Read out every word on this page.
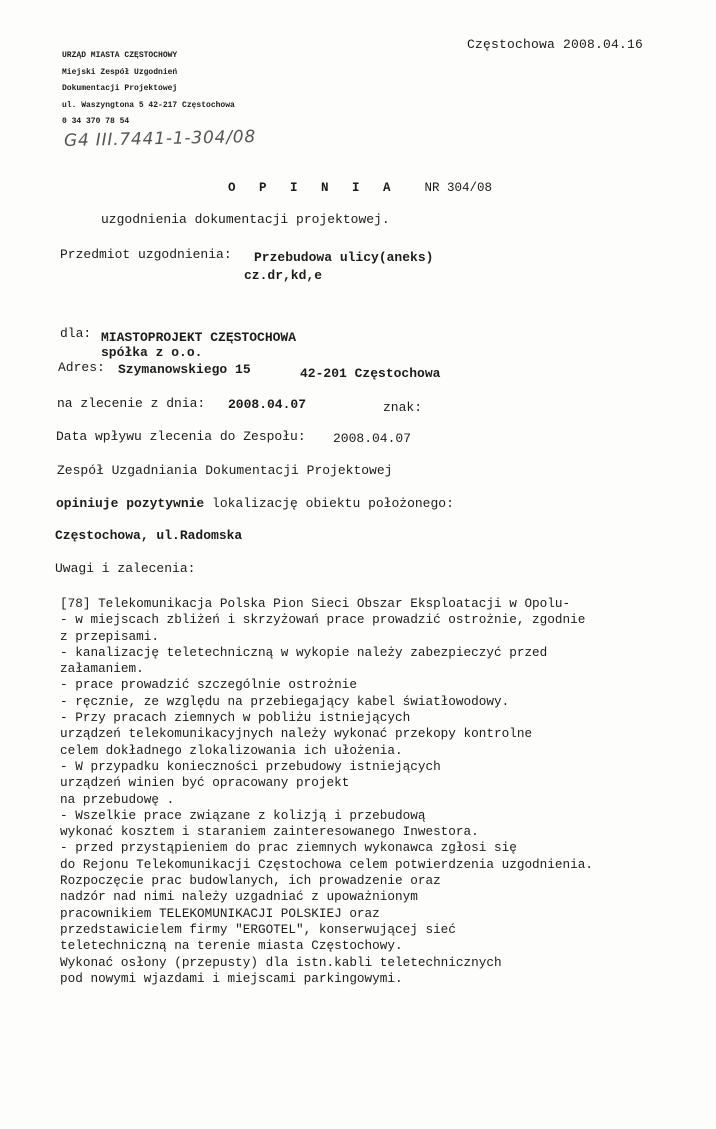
Częstochowa 2008.04.16
URZĄD MIASTA CZĘSTOCHOWY
Miejski Zespół Uzgodnień
Dokumentacji Projektowej
ul. Waszyngtona 5 42-217 Częstochowa
0 34 370 78 54
G4 III.7441-1-304/08
O P I N I A NR 304/08
uzgodnienia dokumentacji projektowej.
Przedmiot uzgodnienia: Przebudowa ulicy(aneks)
cz.dr,kd,e
dla: MIASTOPROJEKT CZĘSTOCHOWA
spółka z o.o.
Adres: Szymanowskiego 15	42-201 Częstochowa
na zlecenie z dnia: 2008.04.07	znak:
Data wpływu zlecenia do Zespołu: 2008.04.07
Zespół Uzgadniania Dokumentacji Projektowej
opiniuje pozytywnie lokalizację obiektu położonego:
Częstochowa, ul.Radomska
Uwagi i zalecenia:
[78] Telekomunikacja Polska Pion Sieci Obszar Eksploatacji w Opolu-
- w miejscach zbliżeń i skrzyżowań prace prowadzić ostrożnie, zgodnie
z przepisami.
- kanalizację teletechniczną w wykopie należy zabezpieczyć przed
załamaniem.
- prace prowadzić szczególnie ostrożnie
- ręcznie, ze względu na przebiegający kabel światłowodowy.
- Przy pracach ziemnych w pobliżu istniejących
urządzeń telekomunikacyjnych należy wykonać przekopy kontrolne
celem dokładnego zlokalizowania ich ułożenia.
- W przypadku konieczności przebudowy istniejących
urządzeń winien być opracowany projekt
na przebudowę .
- Wszelkie prace związane z kolizją i przebudową
wykonać kosztem i staraniem zainteresowanego Inwestora.
- przed przystąpieniem do prac ziemnych wykonawca zgłosi się
do Rejonu Telekomunikacji Częstochowa celem potwierdzenia uzgodnienia.
Rozpoczęcie prac budowlanych, ich prowadzenie oraz
nadzór nad nimi należy uzgadniać z upoważnionym
pracownikiem TELEKOMUNIKACJI POLSKIEJ oraz
przedstawicielem firmy "ERGOTEL", konserwującej sieć
teletechniczną na terenie miasta Częstochowy.
Wykonać osłony (przepusty) dla istn.kabli teletechnicznych
pod nowymi wjazdami i miejscami parkingowymi.
